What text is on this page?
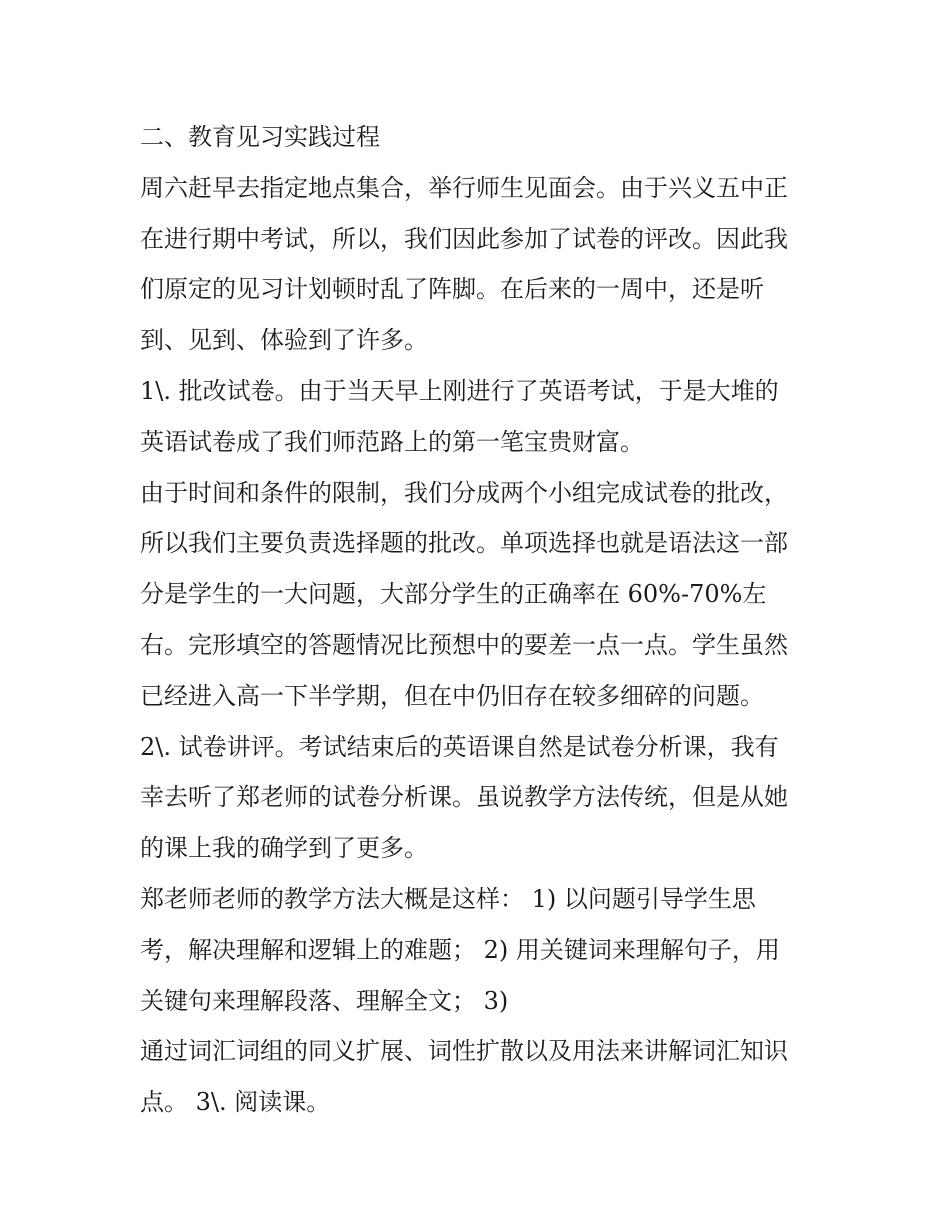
二、教育见习实践过程
周六赶早去指定地点集合，举行师生见面会。由于兴义五中正
在进行期中考试，所以，我们因此参加了试卷的评改。因此我
们原定的见习计划顿时乱了阵脚。在后来的一周中，还是听
到、见到、体验到了许多。
1\. 批改试卷。由于当天早上刚进行了英语考试，于是大堆的
英语试卷成了我们师范路上的第一笔宝贵财富。
由于时间和条件的限制，我们分成两个小组完成试卷的批改，
所以我们主要负责选择题的批改。单项选择也就是语法这一部
分是学生的一大问题，大部分学生的正确率在 60%-70%左
右。完形填空的答题情况比预想中的要差一点一点。学生虽然
已经进入高一下半学期，但在中仍旧存在较多细碎的问题。
2\. 试卷讲评。考试结束后的英语课自然是试卷分析课，我有
幸去听了郑老师的试卷分析课。虽说教学方法传统，但是从她
的课上我的确学到了更多。
郑老师老师的教学方法大概是这样： 1) 以问题引导学生思
考，解决理解和逻辑上的难题； 2) 用关键词来理解句子，用
关键句来理解段落、理解全文； 3)
通过词汇词组的同义扩展、词性扩散以及用法来讲解词汇知识
点。 3\. 阅读课。
